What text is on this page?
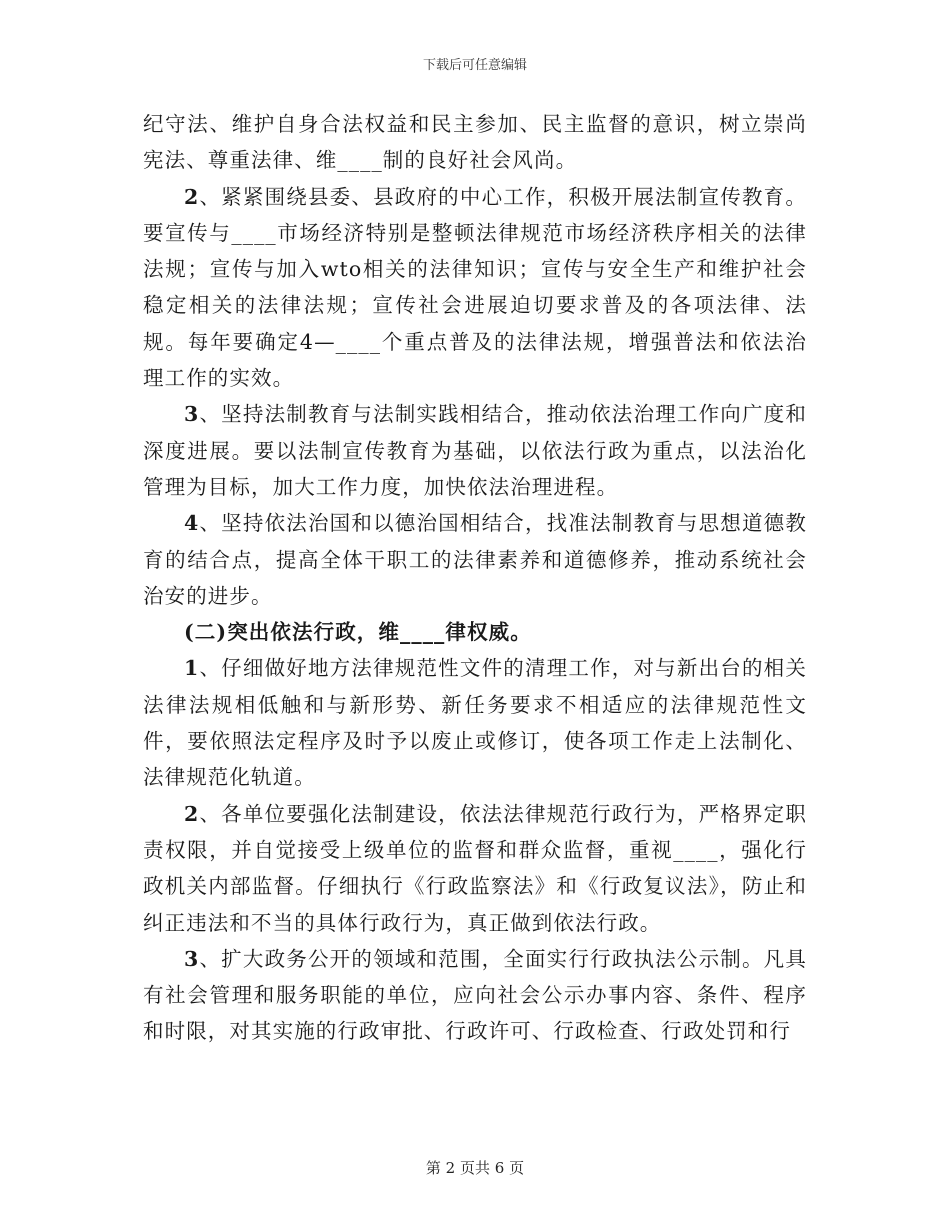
下载后可任意编辑

纪守法、维护自身合法权益和民主参加、民主监督的意识，树立崇尚宪法、尊重法律、维____制的良好社会风尚。

2、紧紧围绕县委、县政府的中心工作，积极开展法制宣传教育。要宣传与____市场经济特别是整顿法律规范市场经济秩序相关的法律法规；宣传与加入wto相关的法律知识；宣传与安全生产和维护社会稳定相关的法律法规；宣传社会进展迫切要求普及的各项法律、法规。每年要确定4—____个重点普及的法律法规，增强普法和依法治理工作的实效。

3、坚持法制教育与法制实践相结合，推动依法治理工作向广度和深度进展。要以法制宣传教育为基础，以依法行政为重点，以法治化管理为目标，加大工作力度，加快依法治理进程。

4、坚持依法治国和以德治国相结合，找准法制教育与思想道德教育的结合点，提高全体干职工的法律素养和道德修养，推动系统社会治安的进步。

(二)突出依法行政，维____律权威。

1、仔细做好地方法律规范性文件的清理工作，对与新出台的相关法律法规相低触和与新形势、新任务要求不相适应的法律规范性文件，要依照法定程序及时予以废止或修订，使各项工作走上法制化、法律规范化轨道。

2、各单位要强化法制建设，依法法律规范行政行为，严格界定职责权限，并自觉接受上级单位的监督和群众监督，重视____，强化行政机关内部监督。仔细执行《行政监察法》和《行政复议法》，防止和纠正违法和不当的具体行政行为，真正做到依法行政。

3、扩大政务公开的领域和范围，全面实行行政执法公示制。凡具有社会管理和服务职能的单位，应向社会公示办事内容、条件、程序和时限，对其实施的行政审批、行政许可、行政检查、行政处罚和行

第 2 页共 6 页
